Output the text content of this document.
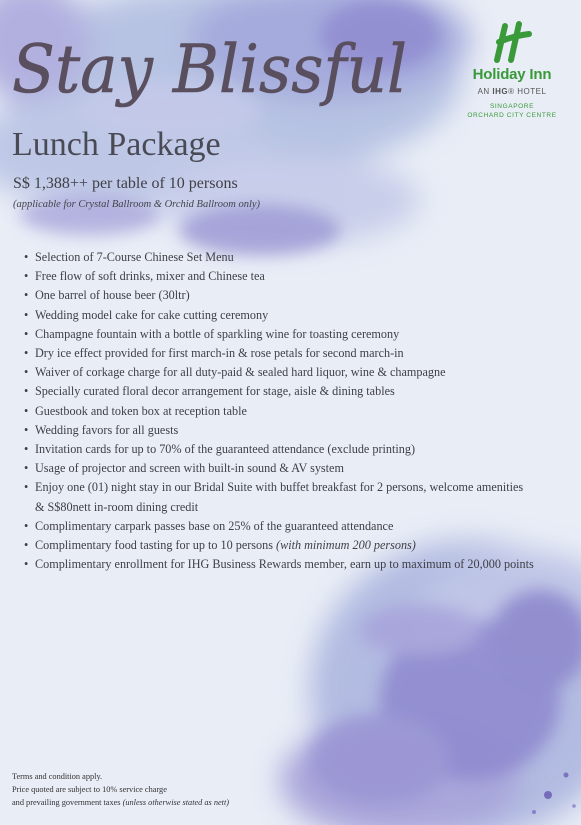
Stay Blissful	Holiday Inn
AN IHG® HOTEL
SINGAPORE
ORCHARD CITY CENTRE
Lunch Package
S$ 1,388++ per table of 10 persons
(applicable for Crystal Ballroom & Orchid Ballroom only)
• Selection of 7-Course Chinese Set Menu
• Free flow of soft drinks, mixer and Chinese tea
• One barrel of house beer (30ltr)
• Wedding model cake for cake cutting ceremony
• Champagne fountain with a bottle of sparkling wine for toasting ceremony
• Dry ice effect provided for first march-in & rose petals for second march-in
• Waiver of corkage charge for all duty-paid & sealed hard liquor, wine & champagne
• Specially curated floral decor arrangement for stage, aisle & dining tables
• Guestbook and token box at reception table
• Wedding favors for all guests
• Invitation cards for up to 70% of the guaranteed attendance (exclude printing)
• Usage of projector and screen with built-in sound & AV system
• Enjoy one (01) night stay in our Bridal Suite with buffet breakfast for 2 persons, welcome amenities & S$80nett in-room dining credit
• Complimentary carpark passes base on 25% of the guaranteed attendance
• Complimentary food tasting for up to 10 persons (with minimum 200 persons)
• Complimentary enrollment for IHG Business Rewards member, earn up to maximum of 20,000 points
Terms and condition apply.
Price quoted are subject to 10% service charge
and prevailing government taxes (unless otherwise stated as nett)
